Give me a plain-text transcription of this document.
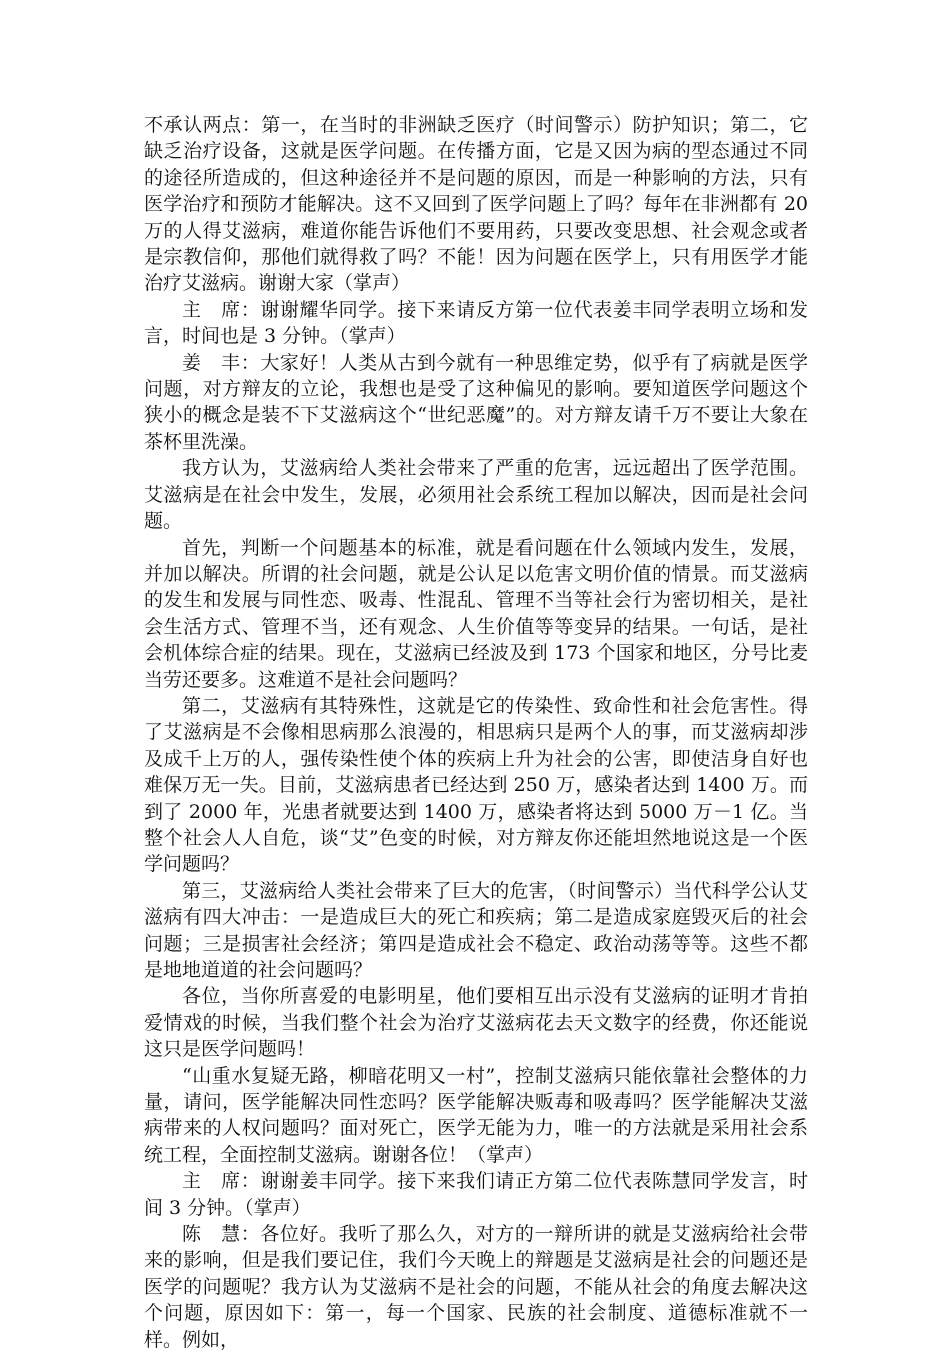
不承认两点：第一，在当时的非洲缺乏医疗（时间警示）防护知识；第二，它缺乏治疗设备，这就是医学问题。在传播方面，它是又因为病的型态通过不同的途径所造成的，但这种途径并不是问题的原因，而是一种影响的方法，只有医学治疗和预防才能解决。这不又回到了医学问题上了吗？每年在非洲都有 20 万的人得艾滋病，难道你能告诉他们不要用药，只要改变思想、社会观念或者是宗教信仰，那他们就得救了吗？不能！因为问题在医学上，只有用医学才能治疗艾滋病。谢谢大家（掌声）

主　席：谢谢耀华同学。接下来请反方第一位代表姜丰同学表明立场和发言，时间也是 3 分钟。（掌声）

姜　丰：大家好！人类从古到今就有一种思维定势，似乎有了病就是医学问题，对方辩友的立论，我想也是受了这种偏见的影响。要知道医学问题这个狭小的概念是装不下艾滋病这个“世纪恶魔”的。对方辩友请千万不要让大象在茶杯里洗澡。

我方认为，艾滋病给人类社会带来了严重的危害，远远超出了医学范围。艾滋病是在社会中发生，发展，必须用社会系统工程加以解决，因而是社会问题。

首先，判断一个问题基本的标准，就是看问题在什么领域内发生，发展，并加以解决。所谓的社会问题，就是公认足以危害文明价值的情景。而艾滋病的发生和发展与同性恋、吸毒、性混乱、管理不当等社会行为密切相关，是社会生活方式、管理不当，还有观念、人生价值等等变异的结果。一句话，是社会机体综合症的结果。现在，艾滋病已经波及到 173 个国家和地区，分号比麦当劳还要多。这难道不是社会问题吗？

第二，艾滋病有其特殊性，这就是它的传染性、致命性和社会危害性。得了艾滋病是不会像相思病那么浪漫的，相思病只是两个人的事，而艾滋病却涉及成千上万的人，强传染性使个体的疾病上升为社会的公害，即使洁身自好也难保万无一失。目前，艾滋病患者已经达到 250 万，感染者达到 1400 万。而到了 2000 年，光患者就要达到 1400 万，感染者将达到 5000 万－1 亿。当整个社会人人自危，谈“艾”色变的时候，对方辩友你还能坦然地说这是一个医学问题吗？

第三，艾滋病给人类社会带来了巨大的危害，（时间警示）当代科学公认艾滋病有四大冲击：一是造成巨大的死亡和疾病；第二是造成家庭毁灭后的社会问题；三是损害社会经济；第四是造成社会不稳定、政治动荡等等。这些不都是地地道道的社会问题吗？

各位，当你所喜爱的电影明星，他们要相互出示没有艾滋病的证明才肯拍爱情戏的时候，当我们整个社会为治疗艾滋病花去天文数字的经费，你还能说这只是医学问题吗！

“山重水复疑无路，柳暗花明又一村”，控制艾滋病只能依靠社会整体的力量，请问，医学能解决同性恋吗？医学能解决贩毒和吸毒吗？医学能解决艾滋病带来的人权问题吗？面对死亡，医学无能为力，唯一的方法就是采用社会系统工程，全面控制艾滋病。谢谢各位！（掌声）

主　席：谢谢姜丰同学。接下来我们请正方第二位代表陈慧同学发言，时间 3 分钟。（掌声）

陈　慧：各位好。我听了那么久，对方的一辩所讲的就是艾滋病给社会带来的影响，但是我们要记住，我们今天晚上的辩题是艾滋病是社会的问题还是医学的问题呢？我方认为艾滋病不是社会的问题，不能从社会的角度去解决这个问题，原因如下：第一，每一个国家、民族的社会制度、道德标准就不一样。例如，
